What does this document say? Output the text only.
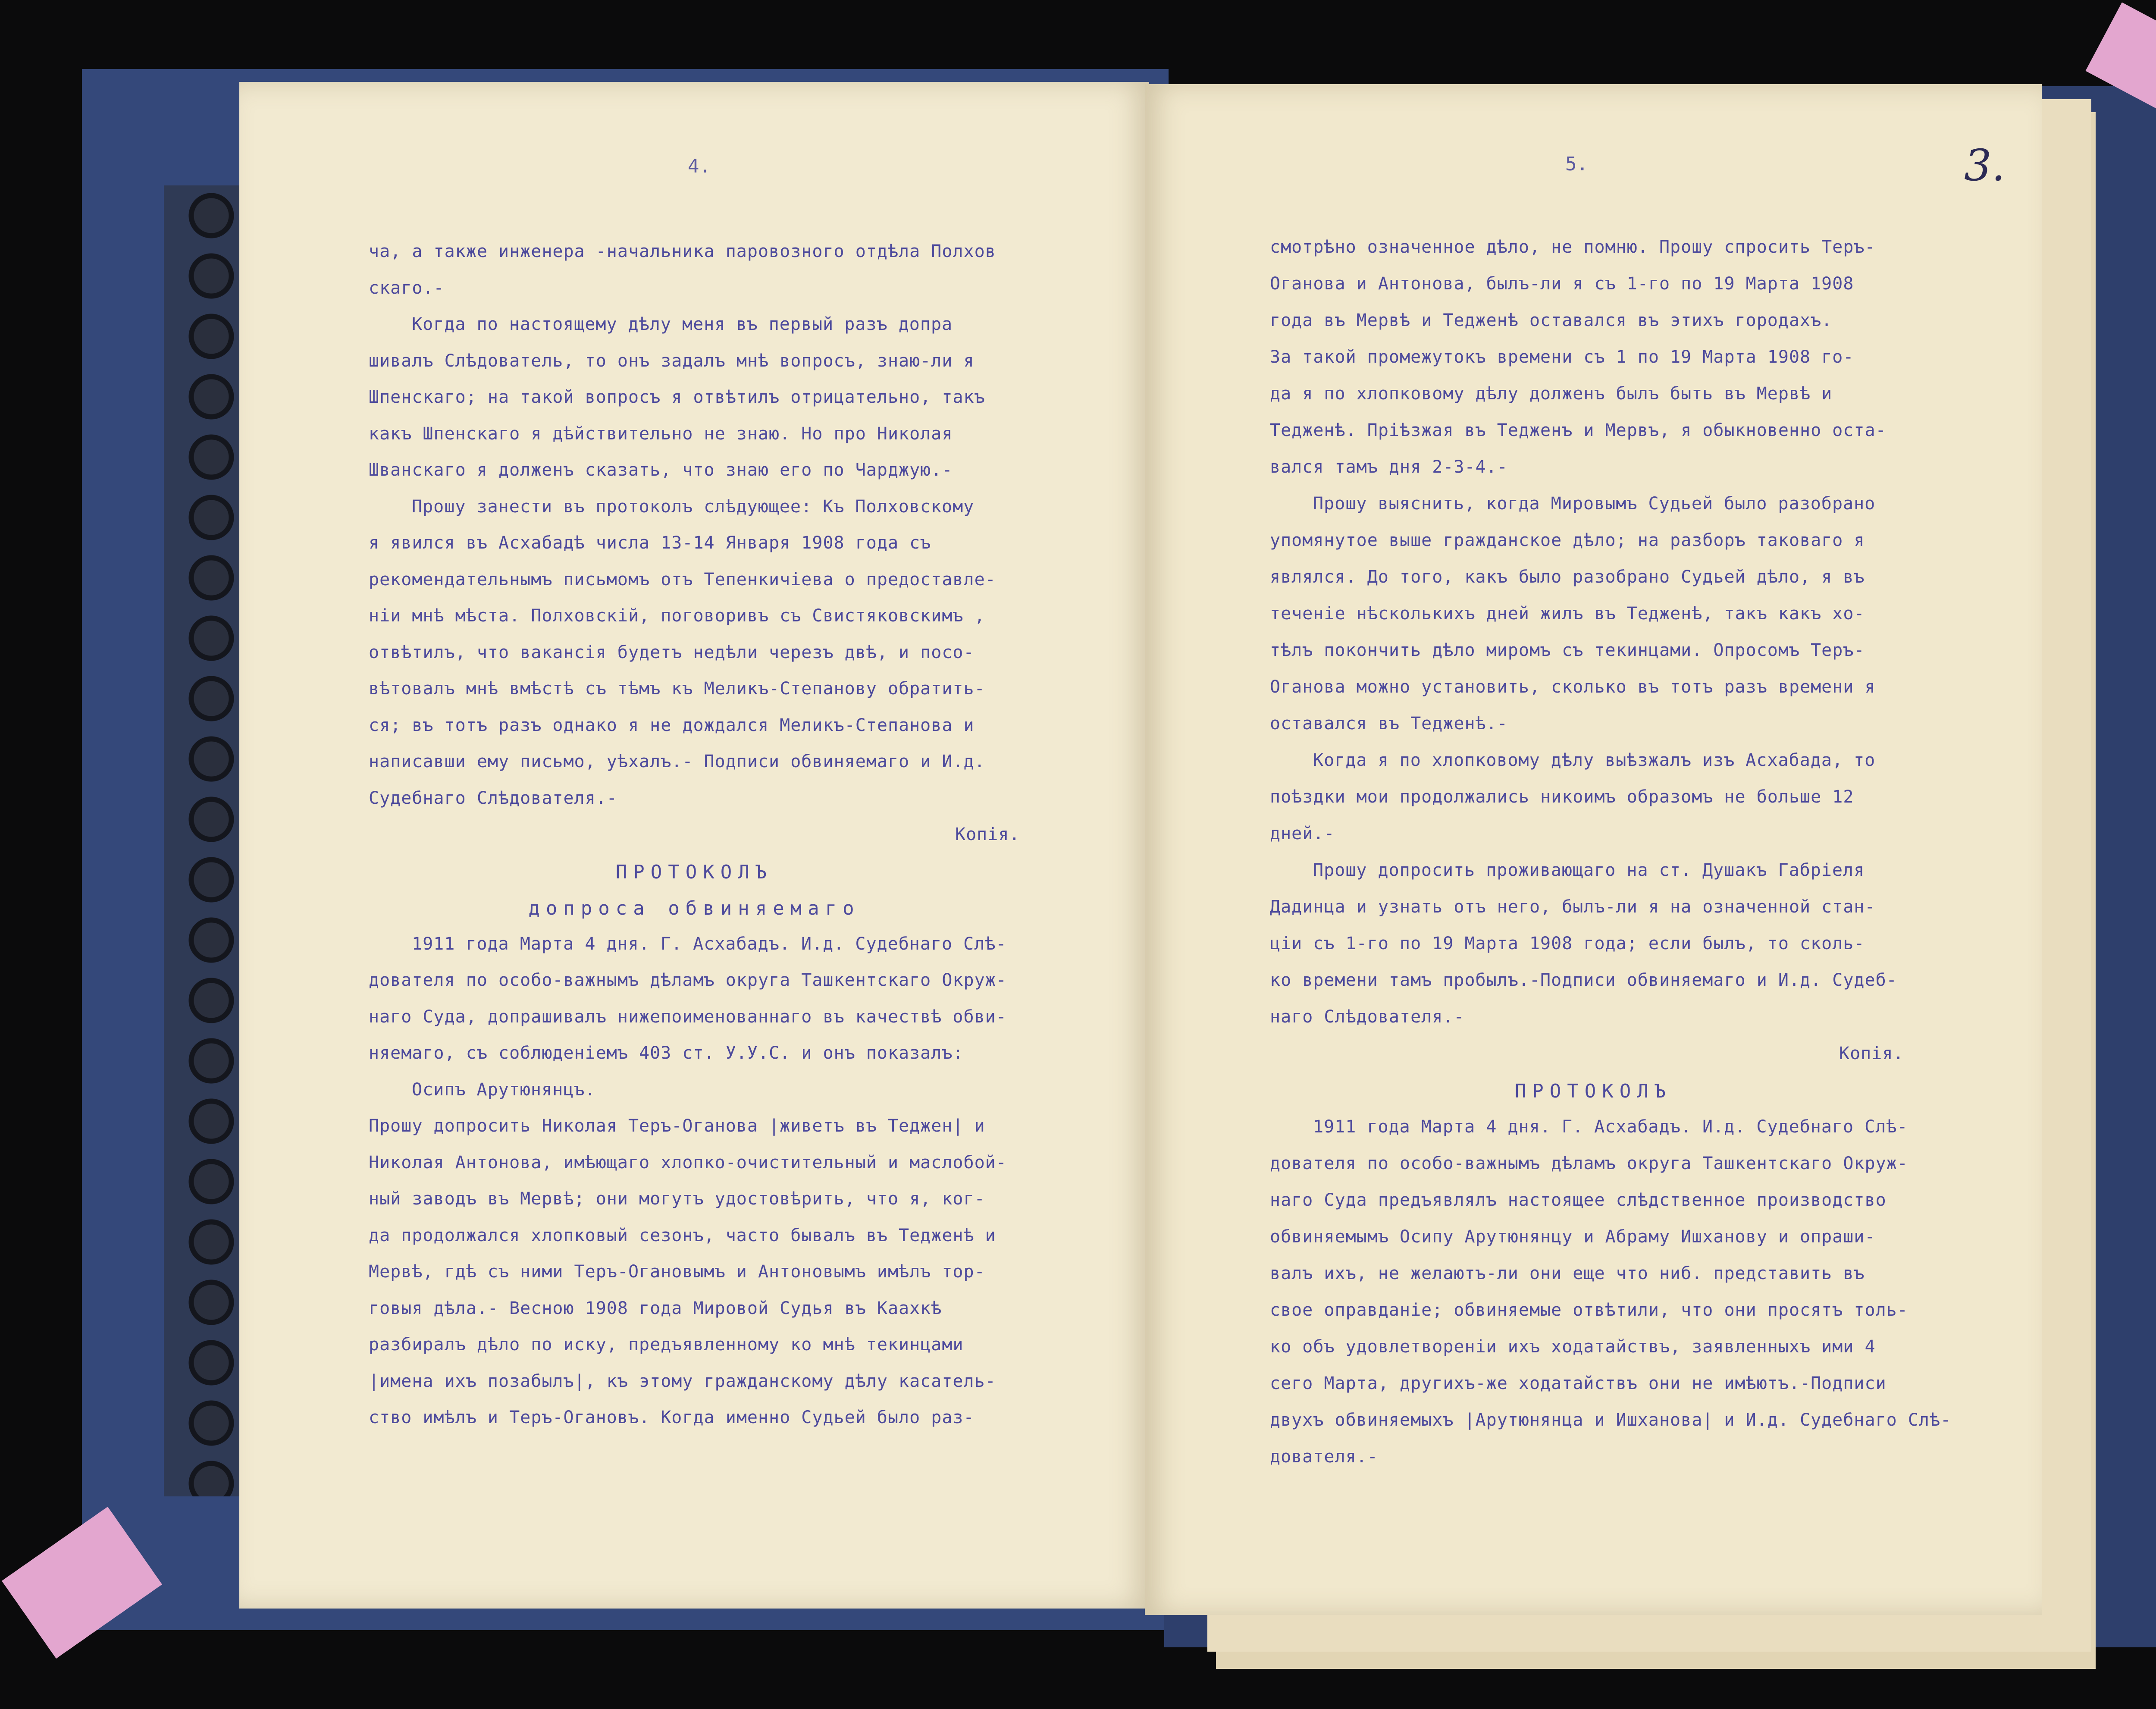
4.
ча, а также инженера -начальника паровозного отдѣла Полхов
скаго.-
Когда по настоящему дѣлу меня въ первый разъ допра
шивалъ Слѣдователь, то онъ задалъ мнѣ вопросъ, знаю-ли я
Шпенскаго; на такой вопросъ я отвѣтилъ отрицательно, такъ
какъ Шпенскаго я дѣйствительно не знаю. Но про Николая
Шванскаго я долженъ сказать, что знаю его по Чарджую.-
Прошу занести въ протоколъ слѣдующее: Къ Полховскому
я явился въ Асхабадѣ числа 13-14 Января 1908 года съ
рекомендательнымъ письмомъ отъ Тепенкичiева о предоставле-
нiи мнѣ мѣста. Полховскiй, поговоривъ съ Свистяковскимъ ,
отвѣтилъ, что вакансiя будетъ недѣли черезъ двѣ, и посо-
вѣтовалъ мнѣ вмѣстѣ съ тѣмъ къ Меликъ-Степанову обратить-
ся; въ тотъ разъ однако я не дождался Меликъ-Степанова и
написавши ему письмо, уѣхалъ.- Подписи обвиняемаго и И.д.
Судебнаго Слѣдователя.-
Копiя.
ПРОТОКОЛЪ
допроса обвиняемаго
1911 года Марта 4 дня. Г. Асхабадъ. И.д. Судебнаго Слѣ-
дователя по особо-важнымъ дѣламъ округа Ташкентскаго Окруж-
наго Суда, допрашивалъ нижепоименованнаго въ качествѣ обви-
няемаго, съ соблюденiемъ 403 ст. У.У.С. и онъ показалъ:
Осипъ Арутюнянцъ.
Прошу допросить Николая Теръ-Оганова |живетъ въ Теджен| и
Николая Антонова, имѣющаго хлопко-очистительный и маслобой-
ный заводъ въ Мервѣ; они могутъ удостовѣрить, что я, ког-
да продолжался хлопковый сезонъ, часто бывалъ въ Тедженѣ и
Мервѣ, гдѣ съ ними Теръ-Огановымъ и Антоновымъ имѣлъ тор-
говыя дѣла.- Весною 1908 года Мировой Судья въ Каахкѣ
разбиралъ дѣло по иску, предъявленному ко мнѣ текинцами
|имена ихъ позабылъ|, къ этому гражданскому дѣлу касатель-
ство имѣлъ и Теръ-Огановъ. Когда именно Судьей было раз-
5.	3.
смотрѣно означенное дѣло, не помню. Прошу спросить Теръ-
Оганова и Антонова, былъ-ли я съ 1-го по 19 Марта 1908
года въ Мервѣ и Тедженѣ оставался въ этихъ городахъ.
За такой промежутокъ времени съ 1 по 19 Марта 1908 го-
да я по хлопковому дѣлу долженъ былъ быть въ Мервѣ и
Тедженѣ. Прiѣзжая въ Тедженъ и Мервъ, я обыкновенно оста-
вался тамъ дня 2-3-4.-
Прошу выяснить, когда Мировымъ Судьей было разобрано
упомянутое выше гражданское дѣло; на разборъ таковаго я
являлся. До того, какъ было разобрано Судьей дѣло, я въ
теченiе нѣсколькихъ дней жилъ въ Тедженѣ, такъ какъ хо-
тѣлъ покончить дѣло миромъ съ текинцами. Опросомъ Теръ-
Оганова можно установить, сколько въ тотъ разъ времени я
оставался въ Тедженѣ.-
Когда я по хлопковому дѣлу выѣзжалъ изъ Асхабада, то
поѣздки мои продолжались никоимъ образомъ не больше 12
дней.-
Прошу допросить проживающаго на ст. Душакъ Габрiеля
Дадинца и узнать отъ него, былъ-ли я на означенной стан-
цiи съ 1-го по 19 Марта 1908 года; если былъ, то сколь-
ко времени тамъ пробылъ.-Подписи обвиняемаго и И.д. Судеб-
наго Слѣдователя.-
Копiя.
ПРОТОКОЛЪ
1911 года Марта 4 дня. Г. Асхабадъ. И.д. Судебнаго Слѣ-
дователя по особо-важнымъ дѣламъ округа Ташкентскаго Окруж-
наго Суда предъявлялъ настоящее слѣдственное производство
обвиняемымъ Осипу Арутюнянцу и Абраму Ишханову и опраши-
валъ ихъ, не желаютъ-ли они еще что ниб. представить въ
свое оправданiе; обвиняемые отвѣтили, что они просятъ толь-
ко объ удовлетворенiи ихъ ходатайствъ, заявленныхъ ими 4
сего Марта, другихъ-же ходатайствъ они не имѣютъ.-Подписи
двухъ обвиняемыхъ |Арутюнянца и Ишханова| и И.д. Судебнаго Слѣ-
дователя.-
